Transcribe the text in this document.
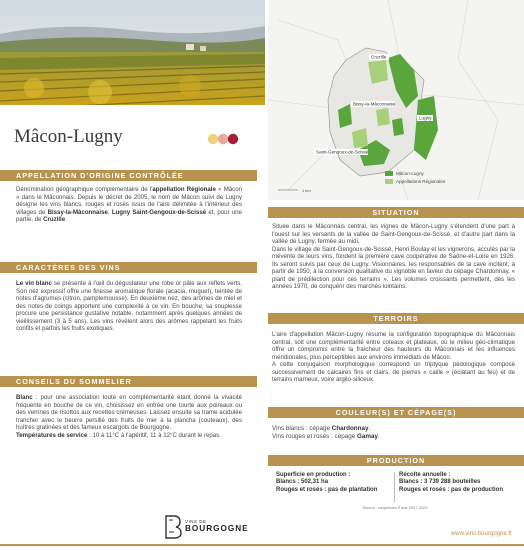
Cruzille
Bissy-la-Mâconnaise
Lugny
Saint-Gengoux-de-Scissé
1 km
Mâcon-Lugny
Appellations Régionales
Mâcon-Lugny
APPELLATION D'ORIGINE CONTRÔLÉE
Dénomination géographique complémentaire de l'appellation Régionale « Mâcon » dans le Mâconnais. Depuis le décret de 2005, le nom de Mâcon suivi de Lugny désigne les vins blancs, rouges et rosés issus de l'aire délimitée à l'intérieur des villages de Bissy-la-Mâconnaise, Lugny Saint-Gengoux-de-Scissé et, pour une partie, de Cruzille.
CARACTÈRES DES VINS
Le vin blanc se présente à l'œil du dégustateur une robe or pâle aux reflets verts. Son nez expressif offre une finesse aromatique florale (acacia, muguet), teintée de notes d'agrumes (citron, pamplemousse). En deuxième nez, des arômes de miel et des notes de coings apportent une complexité à ce vin. En bouche, sa souplesse procure une persistance gustative notable, notamment après quelques années de vieillissement (3 à 5 ans). Les vins révèlent alors des arômes rappelant les fruits confits et parfois les fruits exotiques.
CONSEILS DU SOMMELIER
Blanc : pour une association toute en complémentarité étant donné la vivacité fréquente en bouche de ce vin, choisissez en entrée une tourte aux poireaux ou des verrines de risottos aux recettes crémeuses. Laissez ensuite sa trame acidulée trancher avec le beurre persillé des fruits de mer à la plancha (couteaux), des huîtres gratinées et des fameux escargots de Bourgogne.
Températures de service : 10 à 11°C à l'apéritif, 11 à 12°C durant le repas.
SITUATION
Située dans le Mâconnais central, les vignes de Mâcon-Lugny s'étendent d'une part à l'ouest sur les versants de la vallée de Saint-Gengoux-de-Scissé, et d'autre part dans la vallée de Lugny, fermée au midi.
Dans le village de Saint-Gengoux-de-Scissé, Henri Boulay et les vignerons, acculés par la mévente de leurs vins, fondent la première cave coopérative de Saône-et-Loire en 1926. Ils seront suivis par ceux de Lugny. Visionnaires, les responsables de la cave incitent, à partir de 1950, à la conversion qualitative du vignoble en faveur du cépage Chardonnay, « plant de prédilection pour ces terrains ». Les volumes croissants permettent, dès les années 1970, de conquérir des marchés lointains.
TERROIRS
L'aire d'appellation Mâcon-Lugny résume la configuration topographique du Mâconnais central, soit une complémentarité entre coteaux et plateaux, où le milieu géo-climatique offre un compromis entre la fraîcheur des hauteurs du Mâconnais et les influences méridionales, plus perceptibles aux environs immédiats de Mâcon.
A cette conjugaison morphologique correspond un triptyque pédologique composé successivement de calcaires fins et clairs, de pierres « caille » (éclatant au feu) et de terrains marneux, voire argilo-siliceux.
COULEUR(S) ET CÉPAGE(S)
Vins blancs : cépage Chardonnay.
Vins rouges et rosés : cépage Gamay.
PRODUCTION
Superficie en production :
Blancs : 502,31 ha
Rouges et rosés : pas de plantation
Récolte annuelle :
Blancs : 3 739 288 bouteilles
Rouges et rosés : pas de production
Source : moyennes 5 ans 2017-2021
VINS DE
BOURGOGNE
www.vins-bourgogne.fr
